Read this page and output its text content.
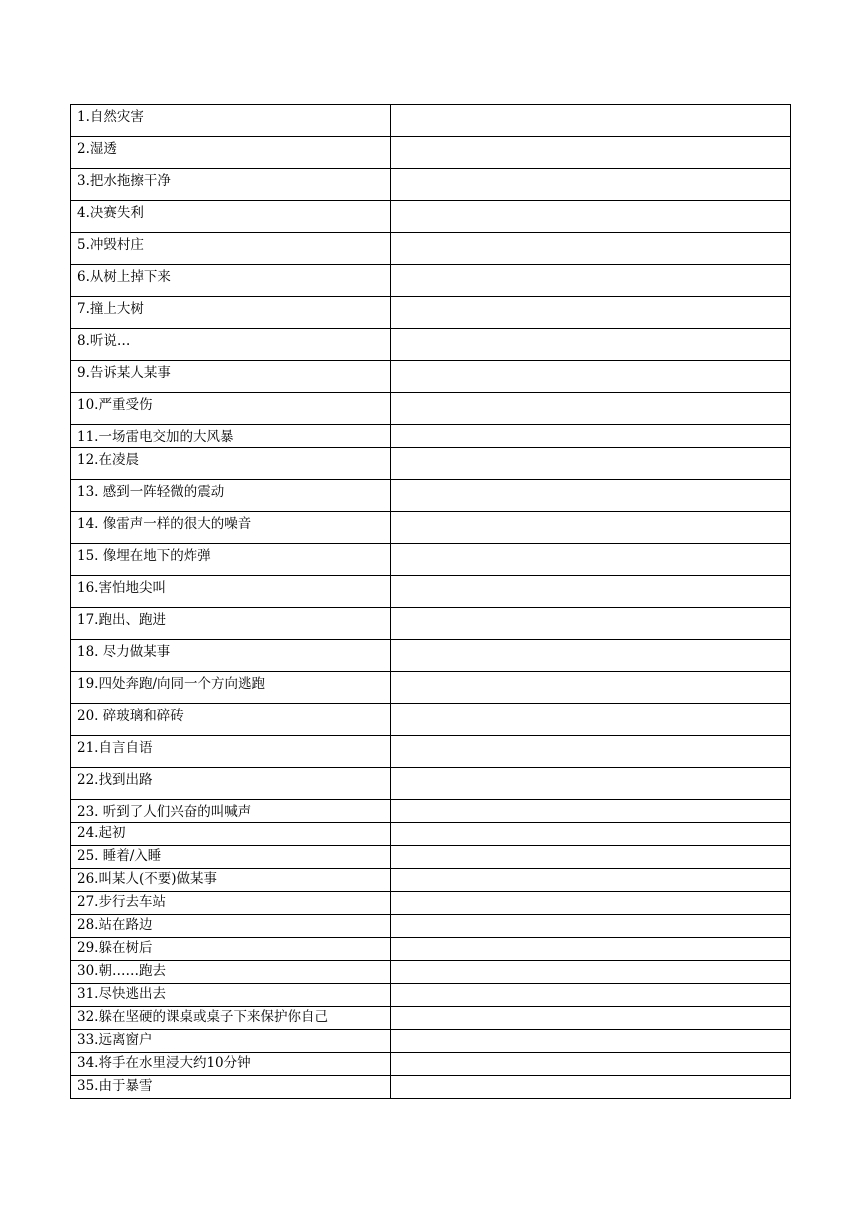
1.自然灾害	
2.湿透	
3.把水拖擦干净	
4.决赛失利	
5.冲毁村庄	
6.从树上掉下来	
7.撞上大树	
8.听说…	
9.告诉某人某事	
10.严重受伤	
11.一场雷电交加的大风暴	
12.在凌晨	
13. 感到一阵轻微的震动	
14. 像雷声一样的很大的噪音	
15. 像埋在地下的炸弹	
16.害怕地尖叫	
17.跑出、跑进	
18. 尽力做某事	
19.四处奔跑/向同一个方向逃跑	
20. 碎玻璃和碎砖	
21.自言自语	
22.找到出路	
23. 听到了人们兴奋的叫喊声	
24.起初	
25. 睡着/入睡	
26.叫某人(不要)做某事	
27.步行去车站	
28.站在路边	
29.躲在树后	
30.朝……跑去	
31.尽快逃出去	
32.躲在坚硬的课桌或桌子下来保护你自己	
33.远离窗户	
34.将手在水里浸大约10分钟	
35.由于暴雪	
